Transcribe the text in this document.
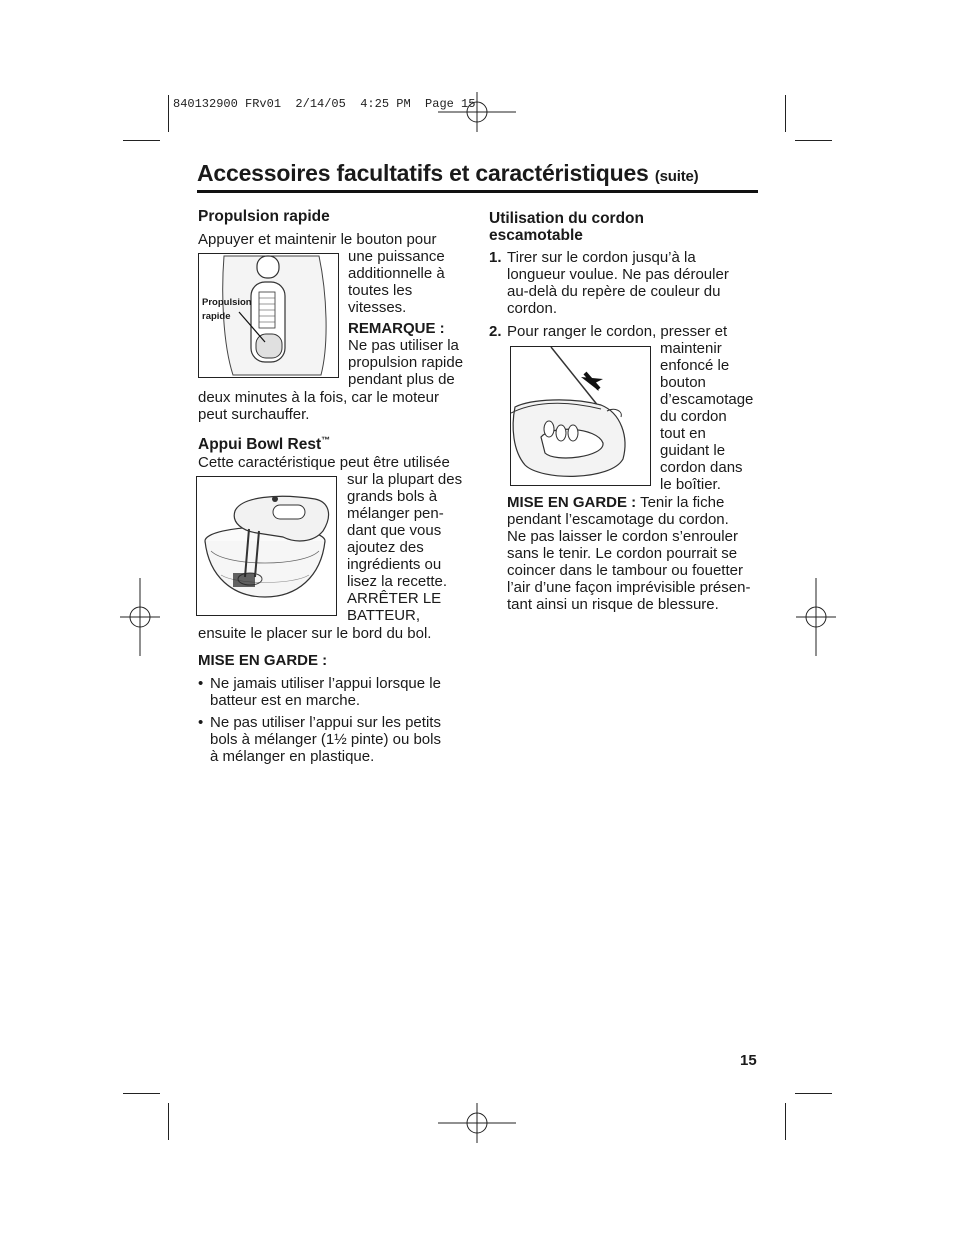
840132900 FRv01  2/14/05  4:25 PM  Page 15
Accessoires facultatifs et caractéristiques (suite)
Propulsion rapide
Appuyer et maintenir le bouton pour
Propulsion
rapide
une puissance
additionnelle à
toutes les
vitesses.
REMARQUE :
Ne pas utiliser la
propulsion rapide
pendant plus de
deux minutes à la fois, car le moteur
peut surchauffer.
Appui Bowl Rest™
Cette caractéristique peut être utilisée
sur la plupart des
grands bols à
mélanger pen-
dant que vous
ajoutez des
ingrédients ou
lisez la recette.
ARRÊTER LE
BATTEUR,
ensuite le placer sur le bord du bol.
MISE EN GARDE :
• Ne jamais utiliser l’appui lorsque le
batteur est en marche.
• Ne pas utiliser l’appui sur les petits
bols à mélanger (1½ pinte) ou bols
à mélanger en plastique.
Utilisation du cordon
escamotable
1. Tirer sur le cordon jusqu’à la
longueur voulue. Ne pas dérouler
au-delà du repère de couleur du
cordon.
2. Pour ranger le cordon, presser et
maintenir
enfoncé le
bouton
d’escamotage
du cordon
tout en
guidant le
cordon dans
le boîtier.
MISE EN GARDE : Tenir la fiche
pendant l’escamotage du cordon.
Ne pas laisser le cordon s’enrouler
sans le tenir. Le cordon pourrait se
coincer dans le tambour ou fouetter
l’air d’une façon imprévisible présen-
tant ainsi un risque de blessure.
15
